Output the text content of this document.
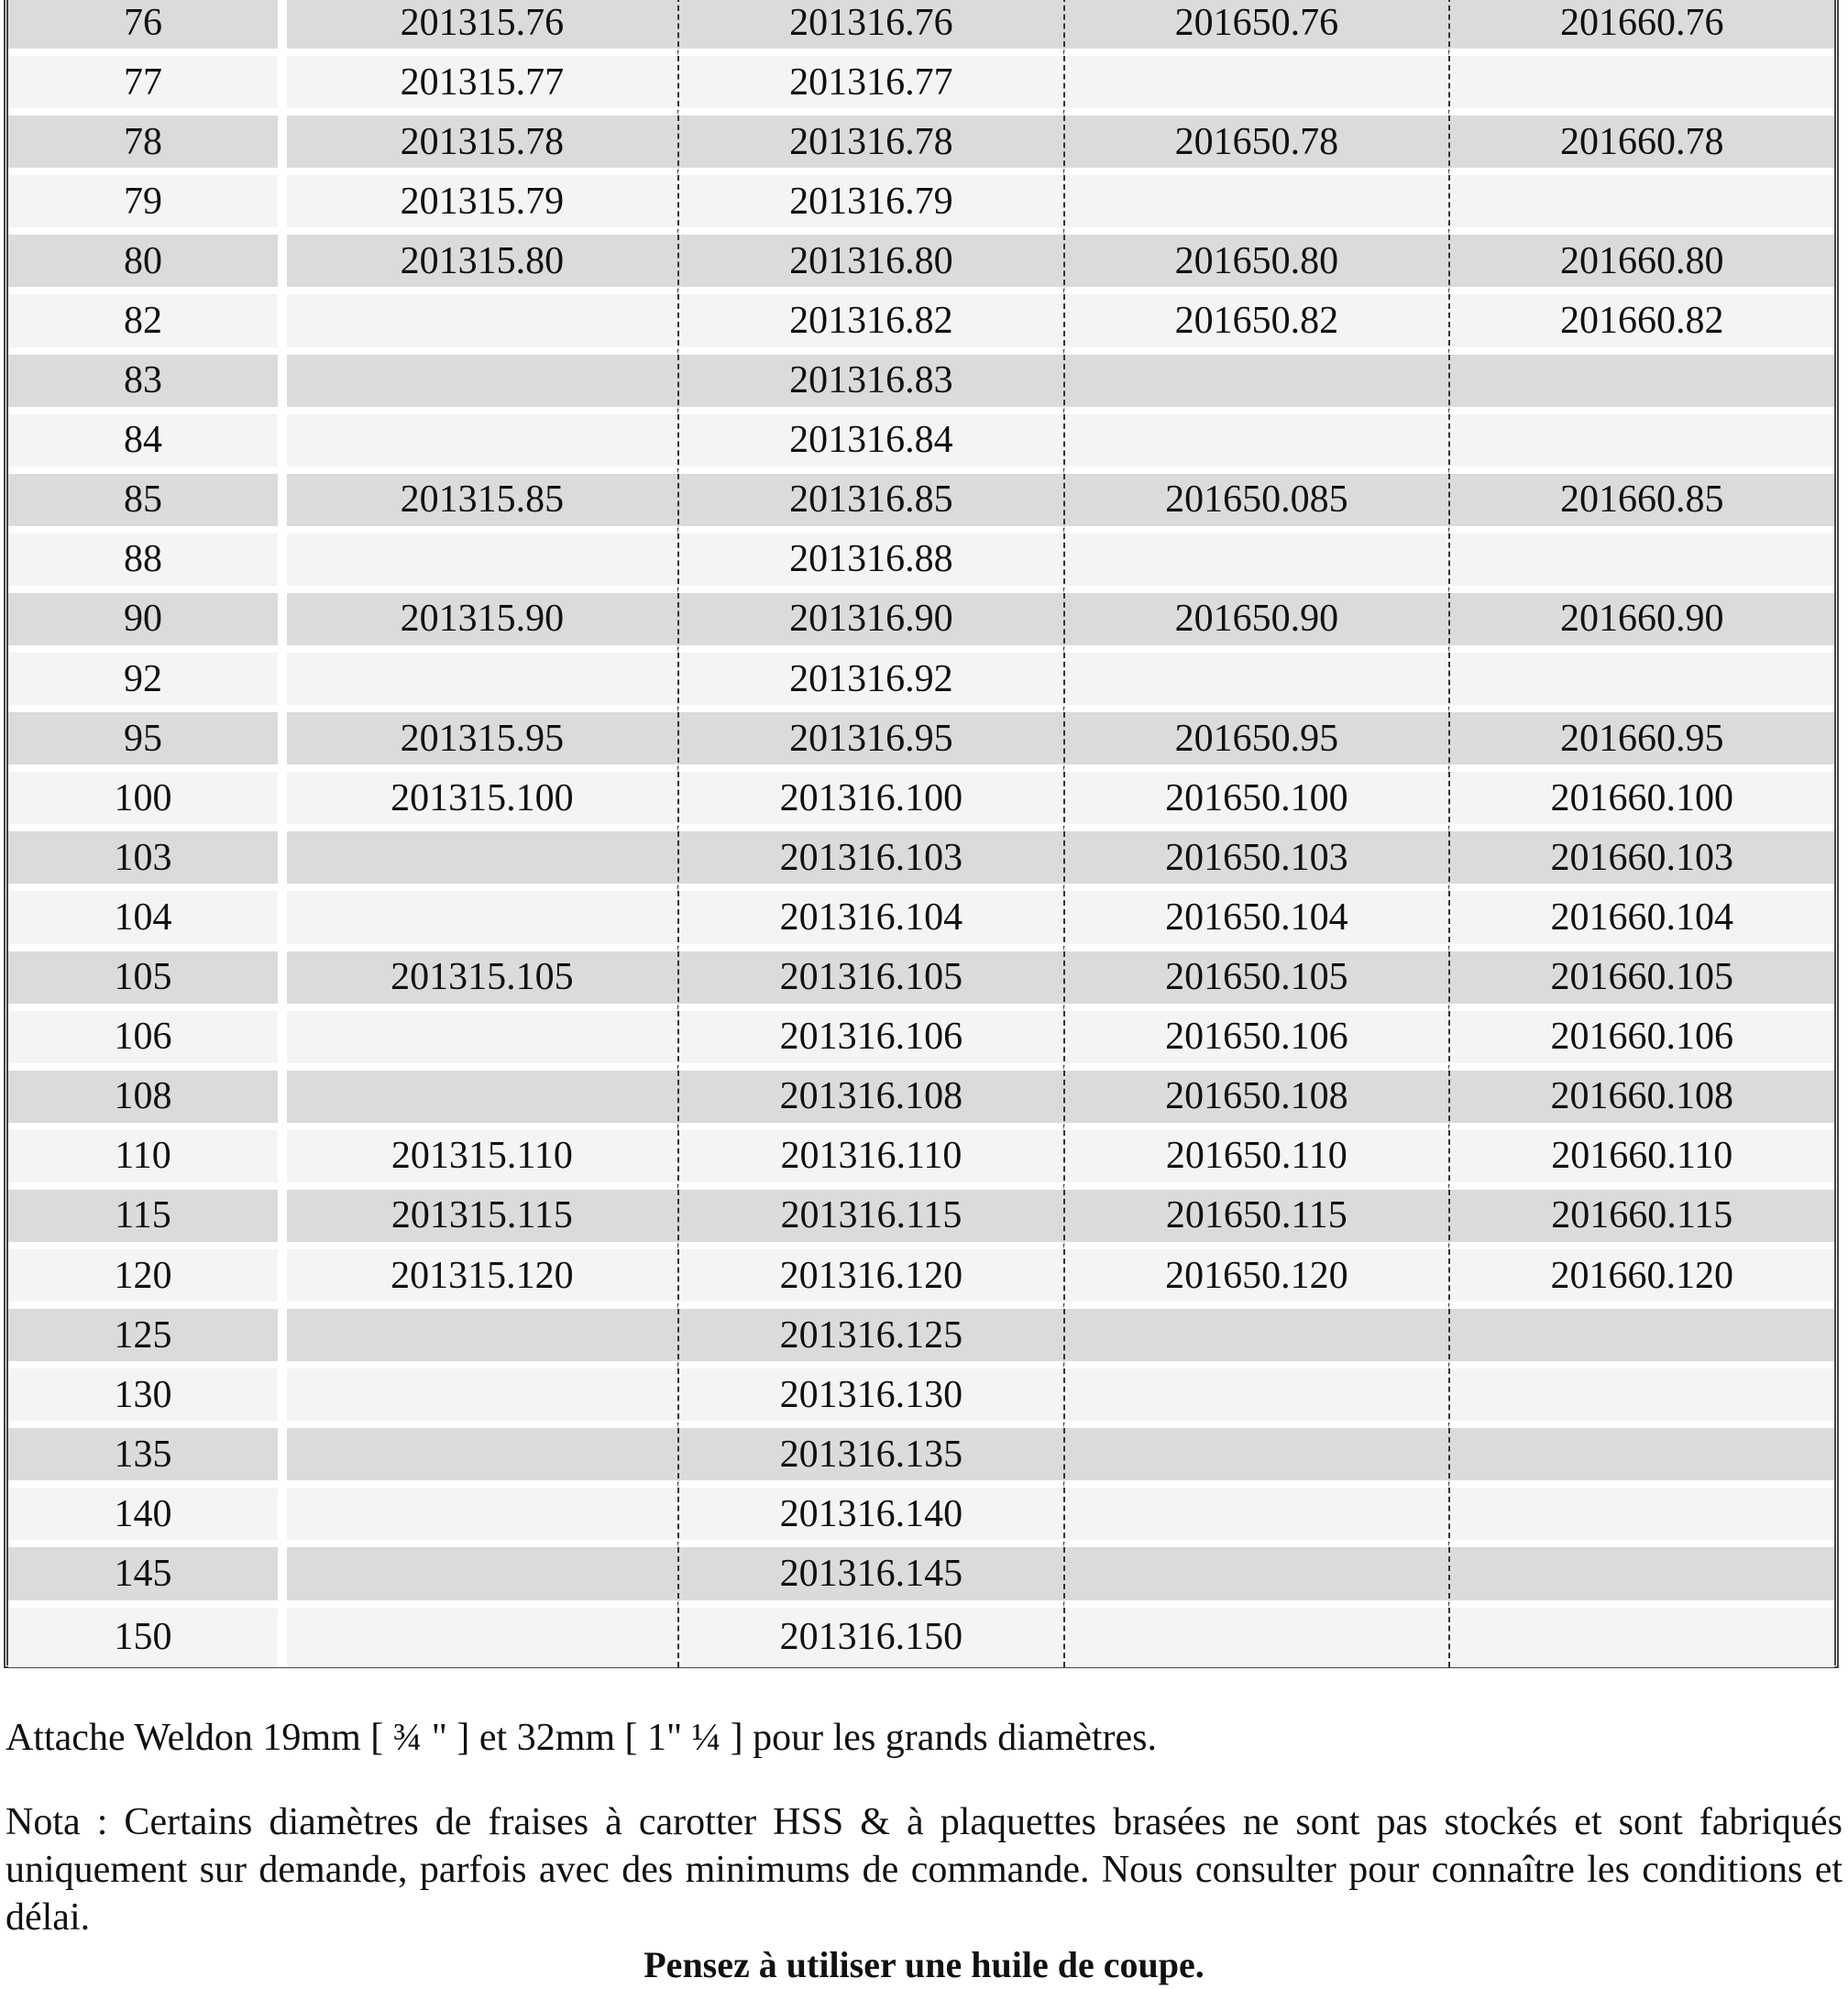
76	201315.76	201316.76	201650.76	201660.76
77	201315.77	201316.77		
78	201315.78	201316.78	201650.78	201660.78
79	201315.79	201316.79		
80	201315.80	201316.80	201650.80	201660.80
82		201316.82	201650.82	201660.82
83		201316.83		
84		201316.84		
85	201315.85	201316.85	201650.085	201660.85
88		201316.88		
90	201315.90	201316.90	201650.90	201660.90
92		201316.92		
95	201315.95	201316.95	201650.95	201660.95
100	201315.100	201316.100	201650.100	201660.100
103		201316.103	201650.103	201660.103
104		201316.104	201650.104	201660.104
105	201315.105	201316.105	201650.105	201660.105
106		201316.106	201650.106	201660.106
108		201316.108	201650.108	201660.108
110	201315.110	201316.110	201650.110	201660.110
115	201315.115	201316.115	201650.115	201660.115
120	201315.120	201316.120	201650.120	201660.120
125		201316.125		
130		201316.130		
135		201316.135		
140		201316.140		
145		201316.145		
150		201316.150		
Attache Weldon 19mm [ ¾ " ] et 32mm [ 1" ¼ ] pour les grands diamètres.
Nota : Certains diamètres de fraises à carotter HSS & à plaquettes brasées ne sont pas stockés et sont fabriqués uniquement sur demande, parfois avec des minimums de commande. Nous consulter pour connaître les conditions et délai.
Pensez à utiliser une huile de coupe.
